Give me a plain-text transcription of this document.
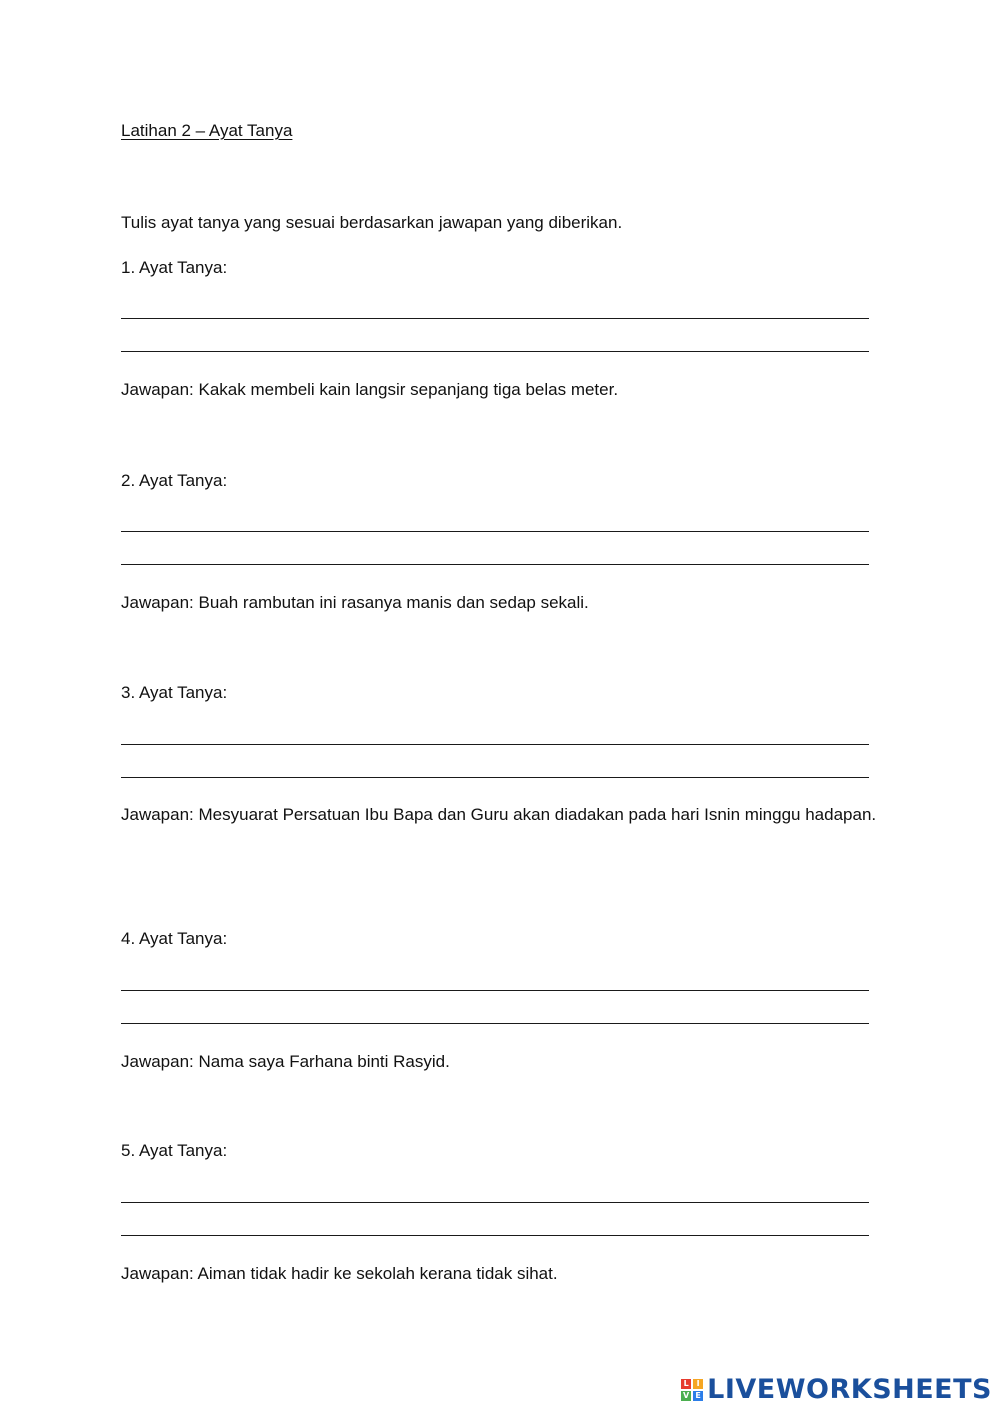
Latihan 2 – Ayat Tanya
Tulis ayat tanya yang sesuai berdasarkan jawapan yang diberikan.
1. Ayat Tanya:
Jawapan: Kakak membeli kain langsir sepanjang tiga belas meter.
2. Ayat Tanya:
Jawapan: Buah rambutan ini rasanya manis dan sedap sekali.
3. Ayat Tanya:
Jawapan: Mesyuarat Persatuan Ibu Bapa dan Guru akan diadakan pada hari Isnin minggu hadapan.
4. Ayat Tanya:
Jawapan: Nama saya Farhana binti Rasyid.
5. Ayat Tanya:
Jawapan: Aiman tidak hadir ke sekolah kerana tidak sihat.
L I
V E LIVEWORKSHEETS
